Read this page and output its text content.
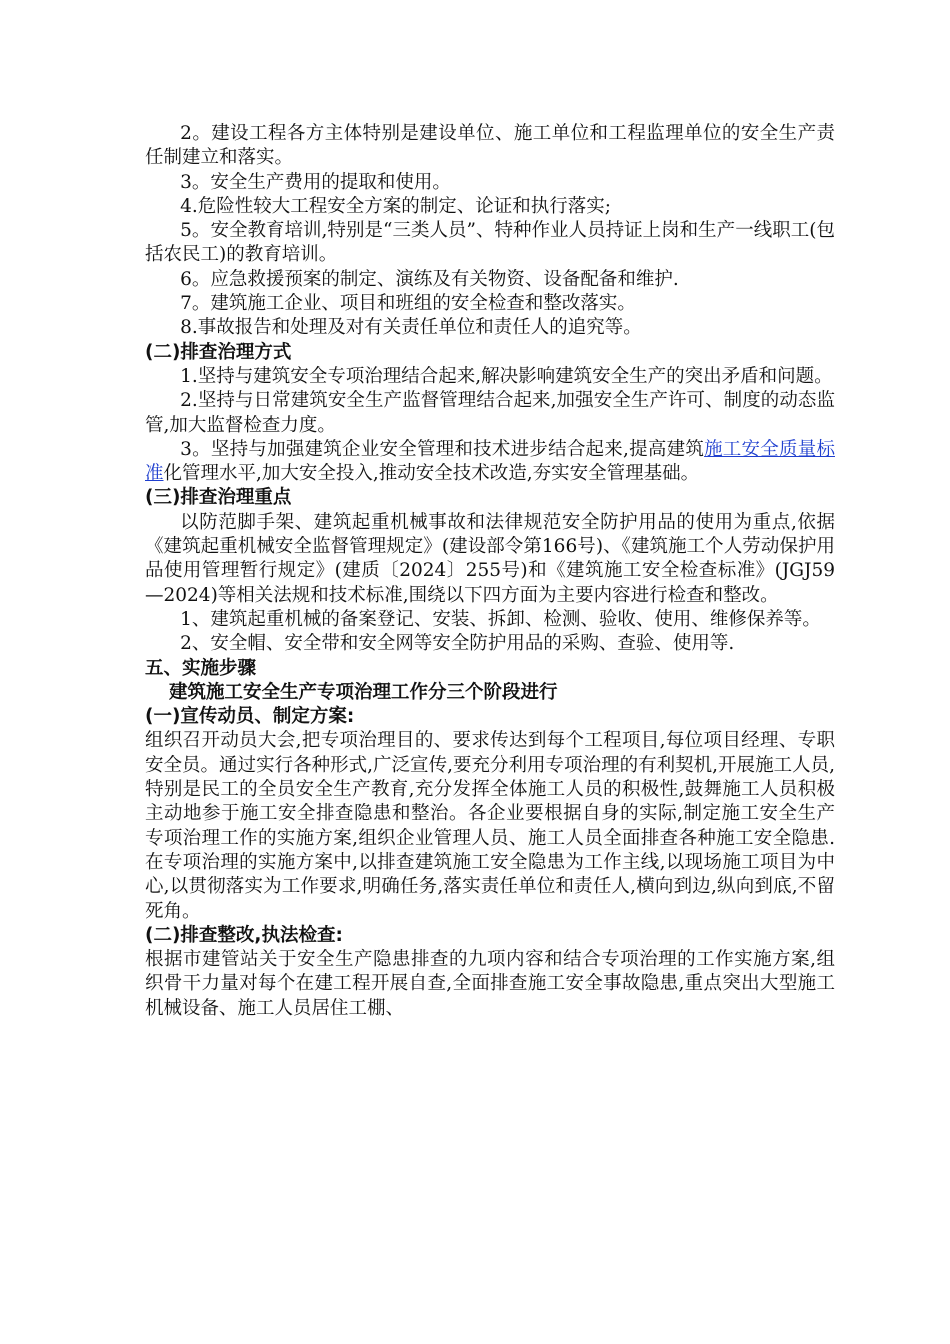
2。建设工程各方主体特别是建设单位、施工单位和工程监理单位的安全生产责任制建立和落实。

3。安全生产费用的提取和使用。

4.危险性较大工程安全方案的制定、论证和执行落实;

5。安全教育培训,特别是“三类人员”、特种作业人员持证上岗和生产一线职工(包括农民工)的教育培训。

6。应急救援预案的制定、演练及有关物资、设备配备和维护.

7。建筑施工企业、项目和班组的安全检查和整改落实。

8.事故报告和处理及对有关责任单位和责任人的追究等。

(二)排查治理方式

1.坚持与建筑安全专项治理结合起来,解决影响建筑安全生产的突出矛盾和问题。

2.坚持与日常建筑安全生产监督管理结合起来,加强安全生产许可、制度的动态监管,加大监督检查力度。

3。坚持与加强建筑企业安全管理和技术进步结合起来,提高建筑施工安全质量标准化管理水平,加大安全投入,推动安全技术改造,夯实安全管理基础。

(三)排查治理重点

以防范脚手架、建筑起重机械事故和法律规范安全防护用品的使用为重点,依据《建筑起重机械安全监督管理规定》(建设部令第166号)、《建筑施工个人劳动保护用品使用管理暂行规定》(建质〔2024〕255号)和《建筑施工安全检查标准》(JGJ59—2024)等相关法规和技术标准,围绕以下四方面为主要内容进行检查和整改。

1、建筑起重机械的备案登记、安装、拆卸、检测、验收、使用、维修保养等。

2、安全帽、安全带和安全网等安全防护用品的采购、查验、使用等.

五、实施步骤

建筑施工安全生产专项治理工作分三个阶段进行

(一)宣传动员、制定方案:

组织召开动员大会,把专项治理目的、要求传达到每个工程项目,每位项目经理、专职安全员。通过实行各种形式,广泛宣传,要充分利用专项治理的有利契机,开展施工人员,特别是民工的全员安全生产教育,充分发挥全体施工人员的积极性,鼓舞施工人员积极主动地参于施工安全排查隐患和整治。各企业要根据自身的实际,制定施工安全生产专项治理工作的实施方案,组织企业管理人员、施工人员全面排查各种施工安全隐患.在专项治理的实施方案中,以排查建筑施工安全隐患为工作主线,以现场施工项目为中心,以贯彻落实为工作要求,明确任务,落实责任单位和责任人,横向到边,纵向到底,不留死角。

(二)排查整改,执法检查:

根据市建管站关于安全生产隐患排查的九项内容和结合专项治理的工作实施方案,组织骨干力量对每个在建工程开展自查,全面排查施工安全事故隐患,重点突出大型施工机械设备、施工人员居住工棚、
